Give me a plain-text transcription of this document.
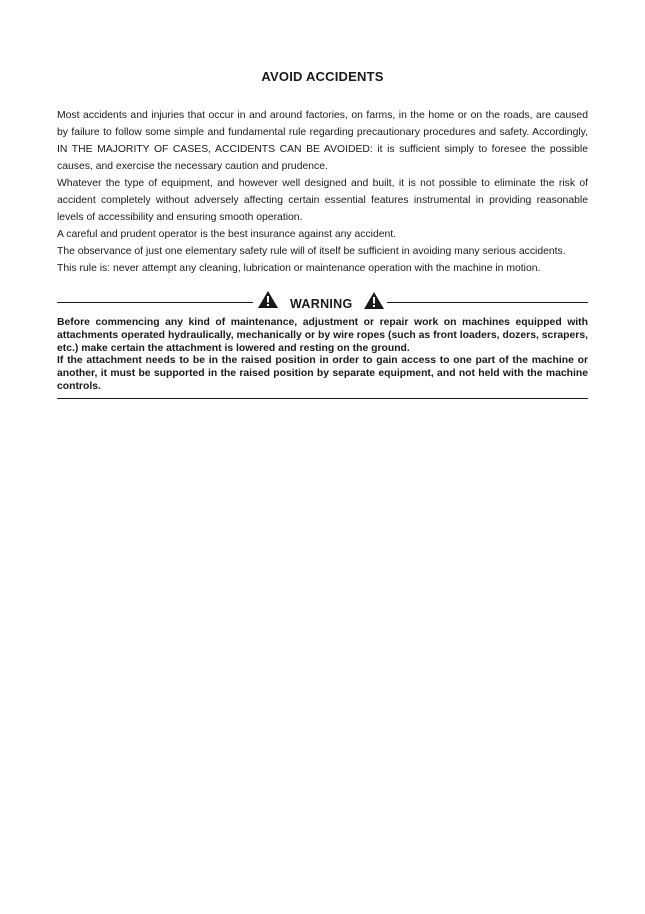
AVOID ACCIDENTS

Most accidents and injuries that occur in and around factories, on farms, in the home or on the roads, are caused by failure to follow some simple and fundamental rule regarding precautionary procedures and safety. Accordingly, IN THE MAJORITY OF CASES, ACCIDENTS CAN BE AVOIDED: it is sufficient simply to foresee the possible causes, and exercise the necessary caution and prudence.

Whatever the type of equipment, and however well designed and built, it is not possible to eliminate the risk of accident completely without adversely affecting certain essential features instrumental in providing reasonable levels of accessibility and ensuring smooth operation.

A careful and prudent operator is the best insurance against any accident.

The observance of just one elementary safety rule will of itself be sufficient in avoiding many serious accidents.

This rule is: never attempt any cleaning, lubrication or maintenance operation with the machine in motion.

WARNING

Before commencing any kind of maintenance, adjustment or repair work on machines equipped with attachments operated hydraulically, mechanically or by wire ropes (such as front loaders, dozers, scrapers, etc.) make certain the attachment is lowered and resting on the ground.

If the attachment needs to be in the raised position in order to gain access to one part of the machine or another, it must be supported in the raised position by separate equipment, and not held with the machine controls.
